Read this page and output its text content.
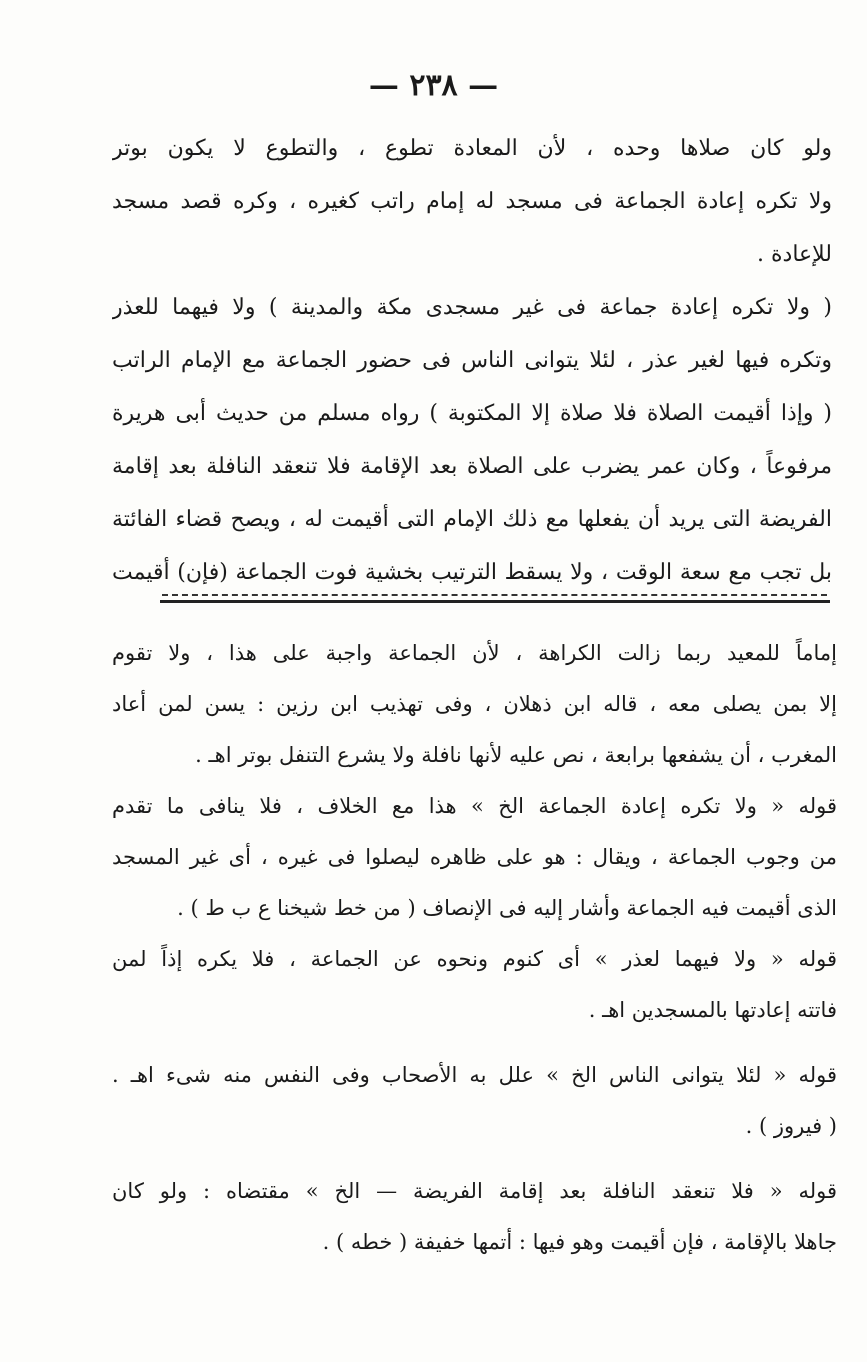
— ٢٣٨ —
ولو كان صلاها وحده ، لأن المعادة تطوع ، والتطوع لا يكون بوتر
ولا تكره إعادة الجماعة فى مسجد له إمام راتب كغيره ، وكره قصد مسجد
للإعادة .
( ولا تكره إعادة جماعة فى غير مسجدى مكة والمدينة ) ولا فيهما للعذر
وتكره فيها لغير عذر ، لئلا يتوانى الناس فى حضور الجماعة مع الإمام الراتب
( وإذا أقيمت الصلاة فلا صلاة إلا المكتوبة ) رواه مسلم من حديث أبى هريرة
مرفوعاً ، وكان عمر يضرب على الصلاة بعد الإقامة فلا تنعقد النافلة بعد إقامة
الفريضة التى يريد أن يفعلها مع ذلك الإمام التى أقيمت له ، ويصح قضاء الفائتة
بل تجب مع سعة الوقت ، ولا يسقط الترتيب بخشية فوت الجماعة (فإن) أقيمت
إماماً للمعيد ربما زالت الكراهة ، لأن الجماعة واجبة على هذا ، ولا تقوم
إلا بمن يصلى معه ، قاله ابن ذهلان ، وفى تهذيب ابن رزين : يسن لمن أعاد
المغرب ، أن يشفعها برابعة ، نص عليه لأنها نافلة ولا يشرع التنفل بوتر اهـ .
قوله « ولا تكره إعادة الجماعة الخ » هذا مع الخلاف ، فلا ينافى ما تقدم
من وجوب الجماعة ، ويقال : هو على ظاهره ليصلوا فى غيره ، أى غير المسجد
الذى أقيمت فيه الجماعة وأشار إليه فى الإنصاف ( من خط شيخنا ع ب ط ) .
قوله « ولا فيهما لعذر » أى كنوم ونحوه عن الجماعة ، فلا يكره إذاً لمن
فاتته إعادتها بالمسجدين اهـ .
قوله « لئلا يتوانى الناس الخ » علل به الأصحاب وفى النفس منه شىء اهـ .
( فيروز ) .
قوله « فلا تنعقد النافلة بعد إقامة الفريضة — الخ » مقتضاه : ولو كان
جاهلا بالإقامة ، فإن أقيمت وهو فيها : أتمها خفيفة ( خطه ) .
